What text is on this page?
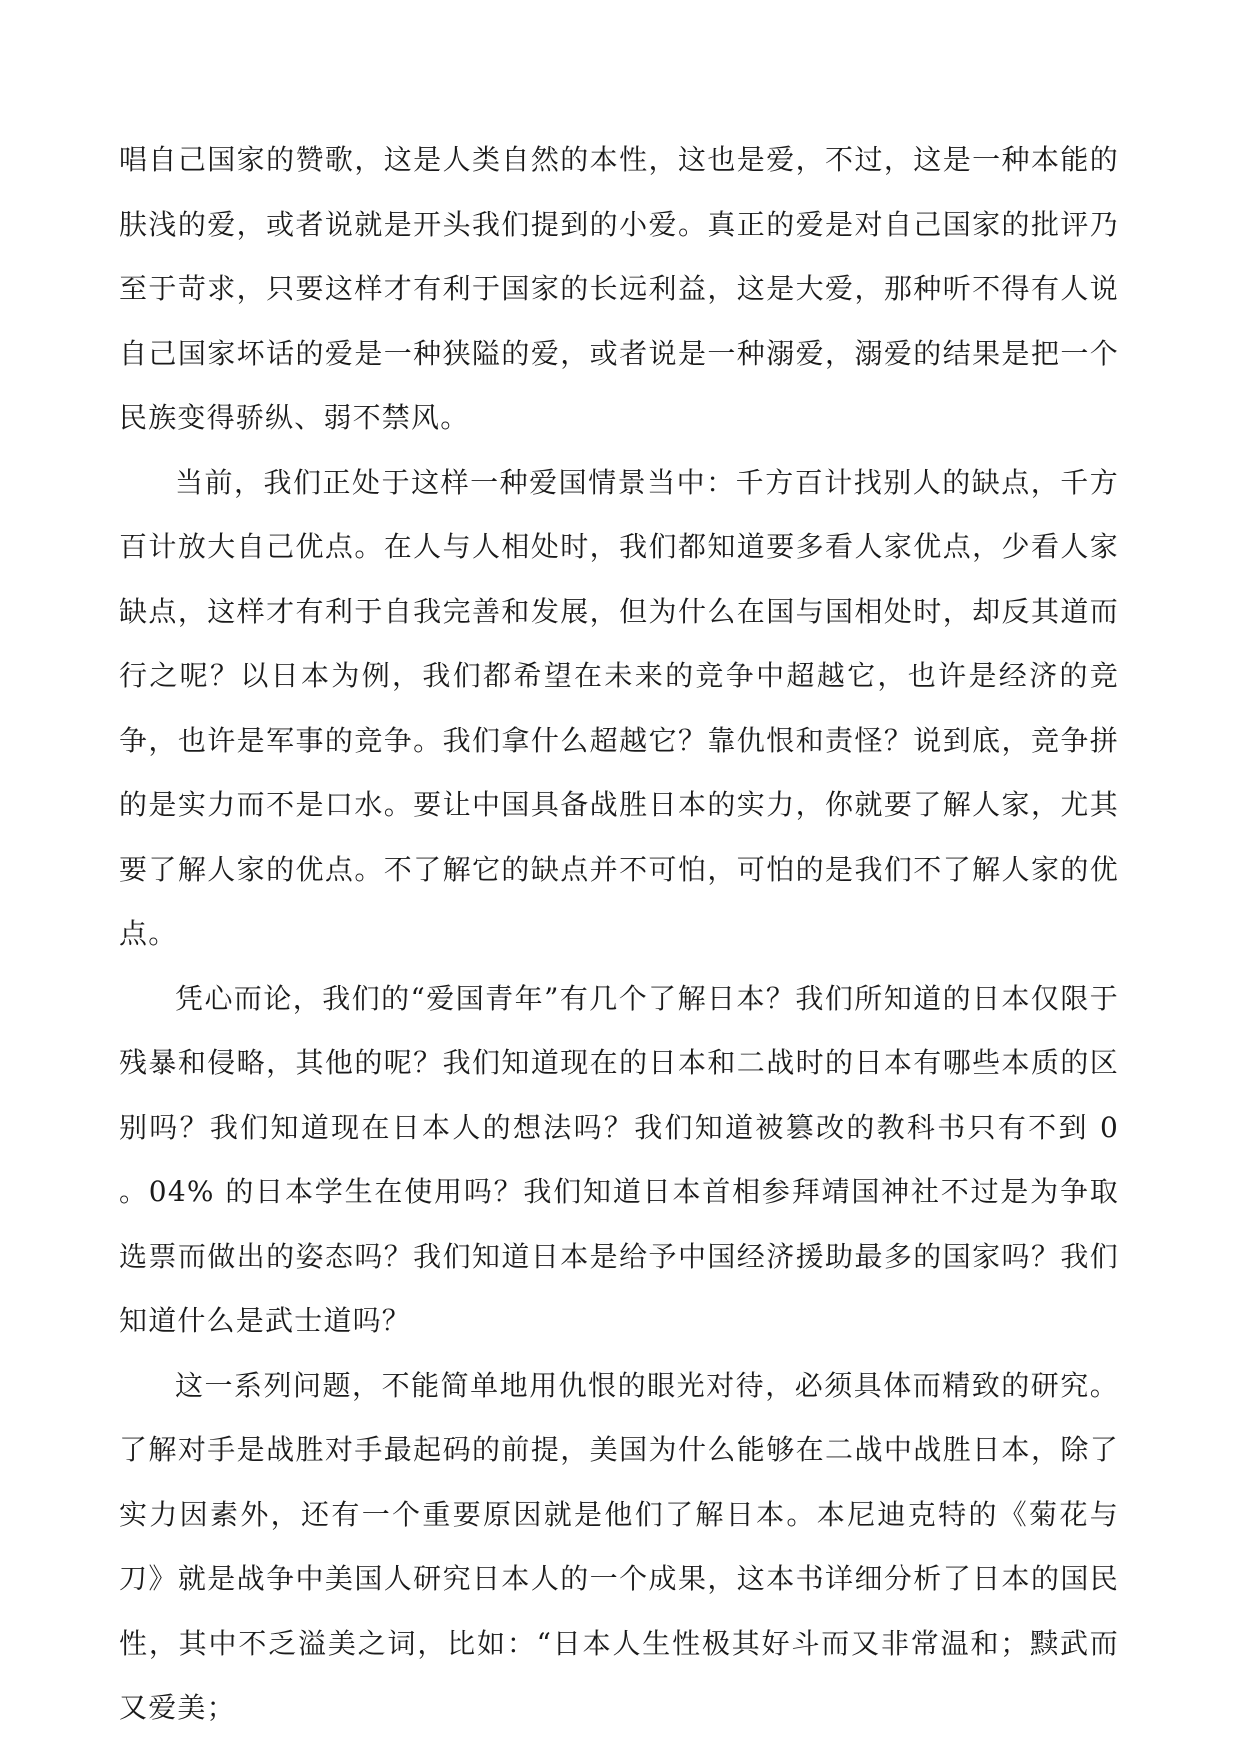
唱自己国家的赞歌，这是人类自然的本性，这也是爱，不过，这是一种本能的肤浅的爱，或者说就是开头我们提到的小爱。真正的爱是对自己国家的批评乃至于苛求，只要这样才有利于国家的长远利益，这是大爱，那种听不得有人说自己国家坏话的爱是一种狭隘的爱，或者说是一种溺爱，溺爱的结果是把一个民族变得骄纵、弱不禁风。

当前，我们正处于这样一种爱国情景当中：千方百计找别人的缺点，千方百计放大自己优点。在人与人相处时，我们都知道要多看人家优点，少看人家缺点，这样才有利于自我完善和发展，但为什么在国与国相处时，却反其道而行之呢？以日本为例，我们都希望在未来的竞争中超越它，也许是经济的竞争，也许是军事的竞争。我们拿什么超越它？靠仇恨和责怪？说到底，竞争拼的是实力而不是口水。要让中国具备战胜日本的实力，你就要了解人家，尤其要了解人家的优点。不了解它的缺点并不可怕，可怕的是我们不了解人家的优点。

凭心而论，我们的“爱国青年”有几个了解日本？我们所知道的日本仅限于残暴和侵略，其他的呢？我们知道现在的日本和二战时的日本有哪些本质的区别吗？我们知道现在日本人的想法吗？我们知道被篡改的教科书只有不到 0 。04% 的日本学生在使用吗？我们知道日本首相参拜靖国神社不过是为争取选票而做出的姿态吗？我们知道日本是给予中国经济援助最多的国家吗？我们知道什么是武士道吗？

这一系列问题，不能简单地用仇恨的眼光对待，必须具体而精致的研究。了解对手是战胜对手最起码的前提，美国为什么能够在二战中战胜日本，除了实力因素外，还有一个重要原因就是他们了解日本。本尼迪克特的《菊花与刀》就是战争中美国人研究日本人的一个成果，这本书详细分析了日本的国民性，其中不乏溢美之词，比如：“日本人生性极其好斗而又非常温和；黩武而又爱美；
